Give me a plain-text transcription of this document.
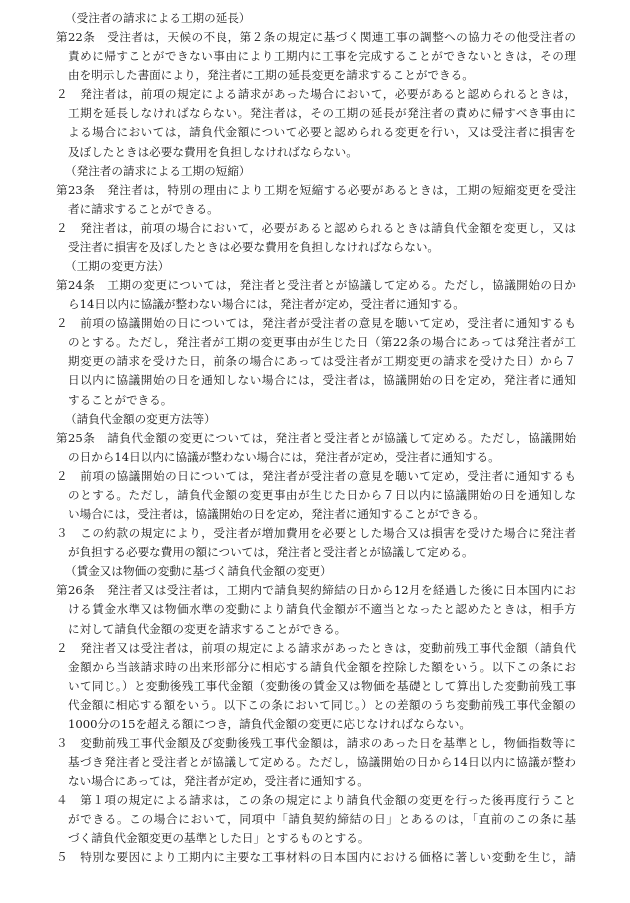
（受注者の請求による工期の延長）
第22条　受注者は，天候の不良，第２条の規定に基づく関連工事の調整への協力その他受注者の
責めに帰すことができない事由により工期内に工事を完成することができないときは，その理
由を明示した書面により，発注者に工期の延長変更を請求することができる。
２　発注者は，前項の規定による請求があった場合において，必要があると認められるときは，
工期を延長しなければならない。発注者は，その工期の延長が発注者の責めに帰すべき事由に
よる場合においては，請負代金額について必要と認められる変更を行い，又は受注者に損害を
及ぼしたときは必要な費用を負担しなければならない。
（発注者の請求による工期の短縮）
第23条　発注者は，特別の理由により工期を短縮する必要があるときは，工期の短縮変更を受注
者に請求することができる。
２　発注者は，前項の場合において，必要があると認められるときは請負代金額を変更し，又は
受注者に損害を及ぼしたときは必要な費用を負担しなければならない。
（工期の変更方法）
第24条　工期の変更については，発注者と受注者とが協議して定める。ただし，協議開始の日か
ら14日以内に協議が整わない場合には，発注者が定め，受注者に通知する。
２　前項の協議開始の日については，発注者が受注者の意見を聴いて定め，受注者に通知するも
のとする。ただし，発注者が工期の変更事由が生じた日（第22条の場合にあっては発注者が工
期変更の請求を受けた日，前条の場合にあっては受注者が工期変更の請求を受けた日）から７
日以内に協議開始の日を通知しない場合には，受注者は，協議開始の日を定め，発注者に通知
することができる。
（請負代金額の変更方法等）
第25条　請負代金額の変更については，発注者と受注者とが協議して定める。ただし，協議開始
の日から14日以内に協議が整わない場合には，発注者が定め，受注者に通知する。
２　前項の協議開始の日については，発注者が受注者の意見を聴いて定め，受注者に通知するも
のとする。ただし，請負代金額の変更事由が生じた日から７日以内に協議開始の日を通知しな
い場合には，受注者は，協議開始の日を定め，発注者に通知することができる。
３　この約款の規定により，受注者が増加費用を必要とした場合又は損害を受けた場合に発注者
が負担する必要な費用の額については，発注者と受注者とが協議して定める。
（賃金又は物価の変動に基づく請負代金額の変更）
第26条　発注者又は受注者は，工期内で請負契約締結の日から12月を経過した後に日本国内にお
ける賃金水準又は物価水準の変動により請負代金額が不適当となったと認めたときは，相手方
に対して請負代金額の変更を請求することができる。
２　発注者又は受注者は，前項の規定による請求があったときは，変動前残工事代金額（請負代
金額から当該請求時の出来形部分に相応する請負代金額を控除した額をいう。以下この条にお
いて同じ。）と変動後残工事代金額（変動後の賃金又は物価を基礎として算出した変動前残工事
代金額に相応する額をいう。以下この条において同じ。）との差額のうち変動前残工事代金額の
1000分の15を超える額につき，請負代金額の変更に応じなければならない。
３　変動前残工事代金額及び変動後残工事代金額は，請求のあった日を基準とし，物価指数等に
基づき発注者と受注者とが協議して定める。ただし，協議開始の日から14日以内に協議が整わ
ない場合にあっては，発注者が定め，受注者に通知する。
４　第１項の規定による請求は，この条の規定により請負代金額の変更を行った後再度行うこと
ができる。この場合において，同項中「請負契約締結の日」とあるのは，「直前のこの条に基
づく請負代金額変更の基準とした日」とするものとする。
５　特別な要因により工期内に主要な工事材料の日本国内における価格に著しい変動を生じ，請
